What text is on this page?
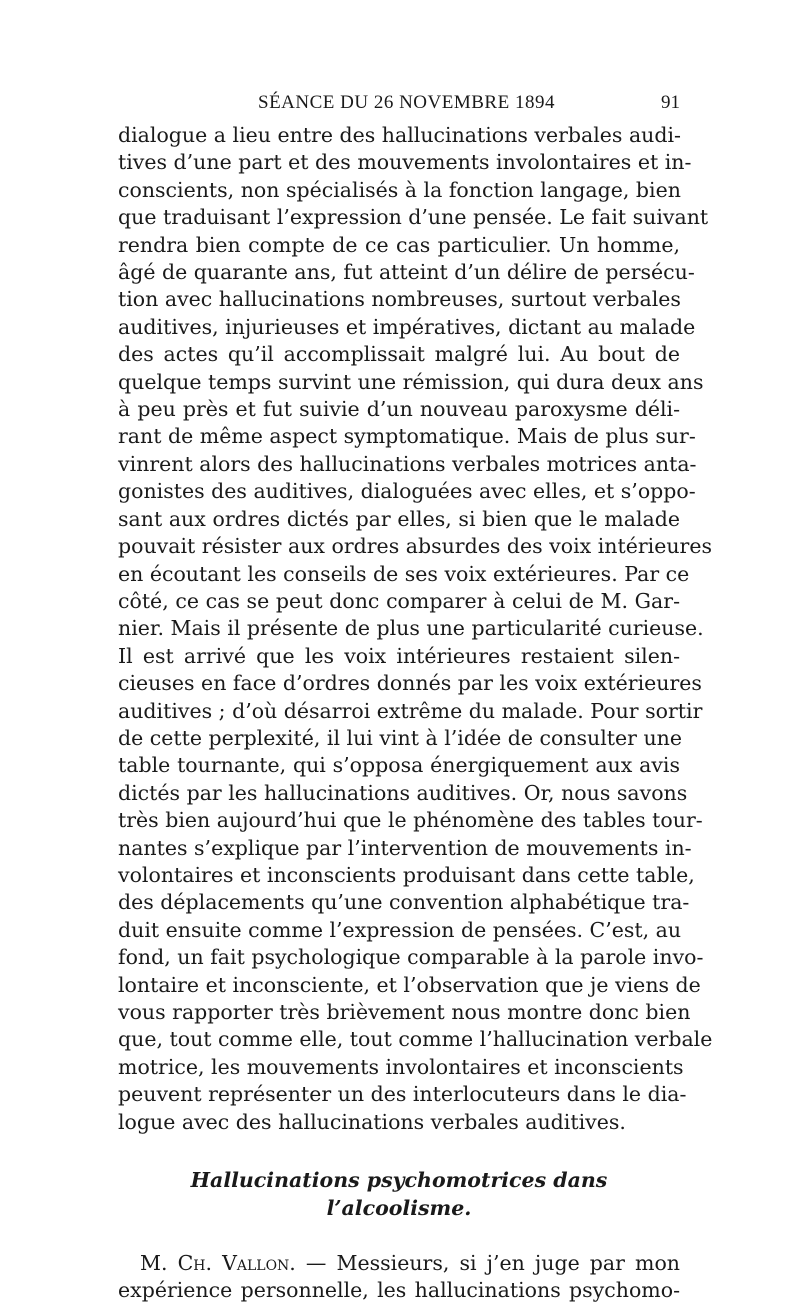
SÉANCE DU 26 NOVEMBRE 1894	91

dialogue a lieu entre des hallucinations verbales audi-
tives d’une part et des mouvements involontaires et in-
conscients, non spécialisés à la fonction langage, bien
que traduisant l’expression d’une pensée. Le fait suivant
rendra bien compte de ce cas particulier. Un homme,
âgé de quarante ans, fut atteint d’un délire de persécu-
tion avec hallucinations nombreuses, surtout verbales
auditives, injurieuses et impératives, dictant au malade
des actes qu’il accomplissait malgré lui. Au bout de
quelque temps survint une rémission, qui dura deux ans
à peu près et fut suivie d’un nouveau paroxysme déli-
rant de même aspect symptomatique. Mais de plus sur-
vinrent alors des hallucinations verbales motrices anta-
gonistes des auditives, dialoguées avec elles, et s’oppo-
sant aux ordres dictés par elles, si bien que le malade
pouvait résister aux ordres absurdes des voix intérieures
en écoutant les conseils de ses voix extérieures. Par ce
côté, ce cas se peut donc comparer à celui de M. Gar-
nier. Mais il présente de plus une particularité curieuse.
Il est arrivé que les voix intérieures restaient silen-
cieuses en face d’ordres donnés par les voix extérieures
auditives ; d’où désarroi extrême du malade. Pour sortir
de cette perplexité, il lui vint à l’idée de consulter une
table tournante, qui s’opposa énergiquement aux avis
dictés par les hallucinations auditives. Or, nous savons
très bien aujourd’hui que le phénomène des tables tour-
nantes s’explique par l’intervention de mouvements in-
volontaires et inconscients produisant dans cette table,
des déplacements qu’une convention alphabétique tra-
duit ensuite comme l’expression de pensées. C’est, au
fond, un fait psychologique comparable à la parole invo-
lontaire et inconsciente, et l’observation que je viens de
vous rapporter très brièvement nous montre donc bien
que, tout comme elle, tout comme l’hallucination verbale
motrice, les mouvements involontaires et inconscients
peuvent représenter un des interlocuteurs dans le dia-
logue avec des hallucinations verbales auditives.

Hallucinations psychomotrices dans l’alcoolisme.

M. Ch. Vallon. — Messieurs, si j’en juge par mon
expérience personnelle, les hallucinations psychomo-
